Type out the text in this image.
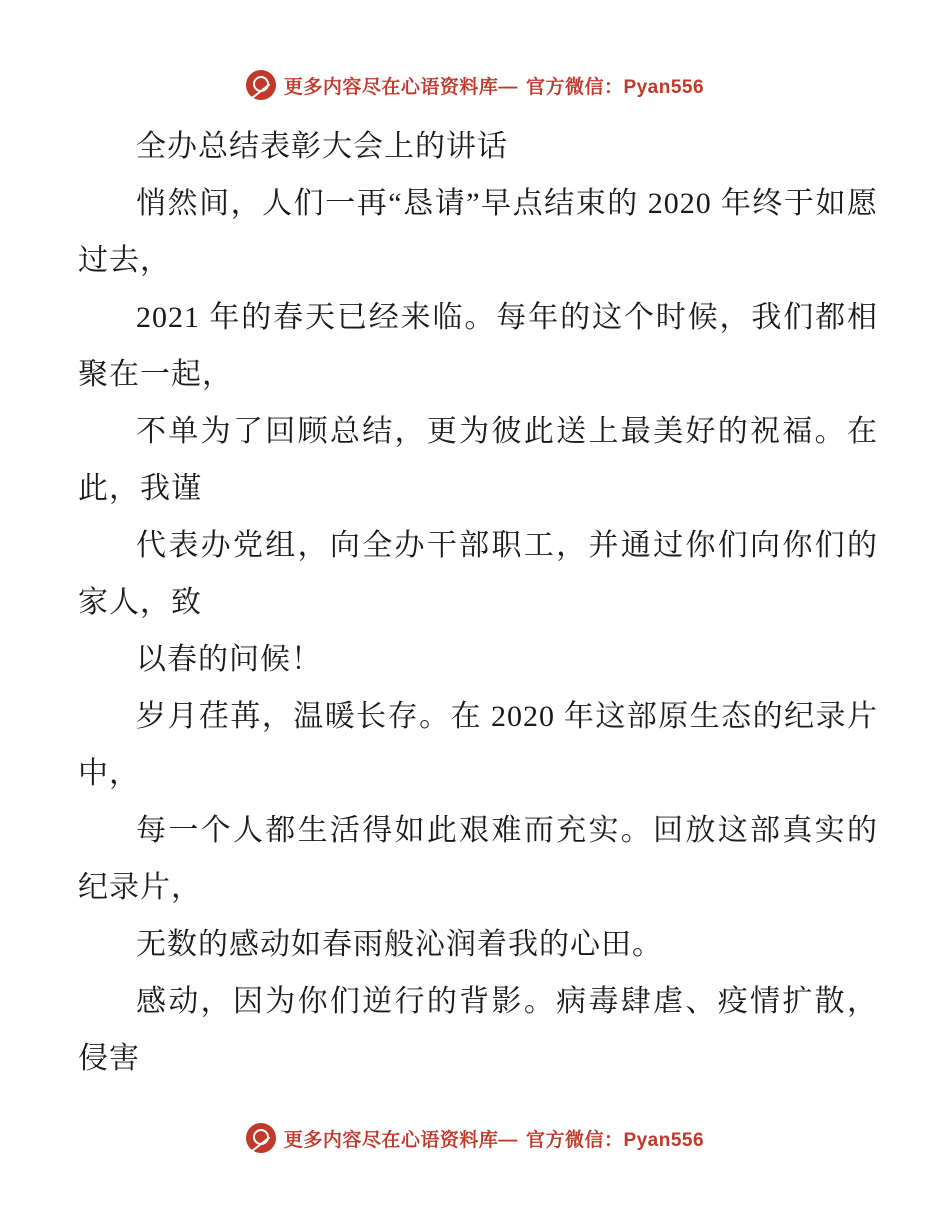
更多内容尽在心语资料库— 官方微信：Pyan556

全办总结表彰大会上的讲话

悄然间，人们一再“恳请”早点结束的 2020 年终于如愿过去，

2021 年的春天已经来临。每年的这个时候，我们都相聚在一起，

不单为了回顾总结，更为彼此送上最美好的祝福。在此，我谨

代表办党组，向全办干部职工，并通过你们向你们的家人，致

以春的问候！

岁月荏苒，温暖长存。在 2020 年这部原生态的纪录片中，

每一个人都生活得如此艰难而充实。回放这部真实的纪录片，

无数的感动如春雨般沁润着我的心田。

感动，因为你们逆行的背影。病毒肆虐、疫情扩散，侵害

更多内容尽在心语资料库— 官方微信：Pyan556
